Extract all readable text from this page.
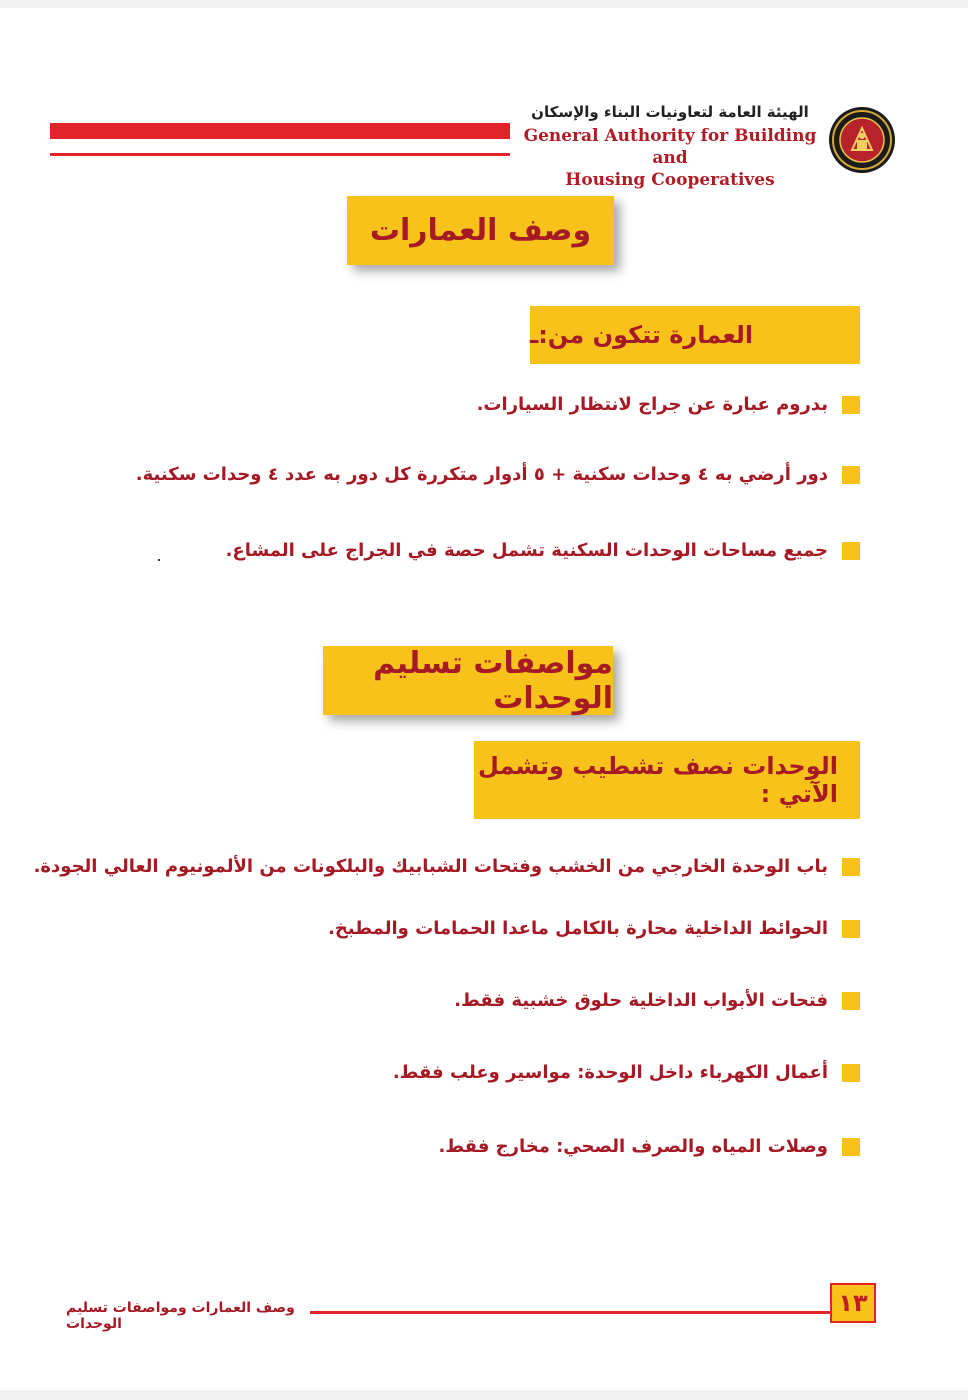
الهيئة العامة لتعاونيات البناء والإسكان
General Authority for Building and
Housing Cooperatives
وصف العمارات
العمارة تتكون من:ـ
بدروم عبارة عن جراج لانتظار السيارات.
دور أرضي به ٤ وحدات سكنية + ٥ أدوار متكررة كل دور به عدد ٤ وحدات سكنية.
جميع مساحات الوحدات السكنية تشمل حصة في الجراج على المشاع.
مواصفات تسليم الوحدات
الوحدات نصف تشطيب وتشمل الآتي :
باب الوحدة الخارجي من الخشب وفتحات الشبابيك والبلكونات من الألمونيوم العالي الجودة.
الحوائط الداخلية محارة بالكامل ماعدا الحمامات والمطبخ.
فتحات الأبواب الداخلية حلوق خشبية فقط.
أعمال الكهرباء داخل الوحدة: مواسير وعلب فقط.
وصلات المياه والصرف الصحي: مخارج فقط.
١٣
وصف العمارات ومواصفات تسليم الوحدات
